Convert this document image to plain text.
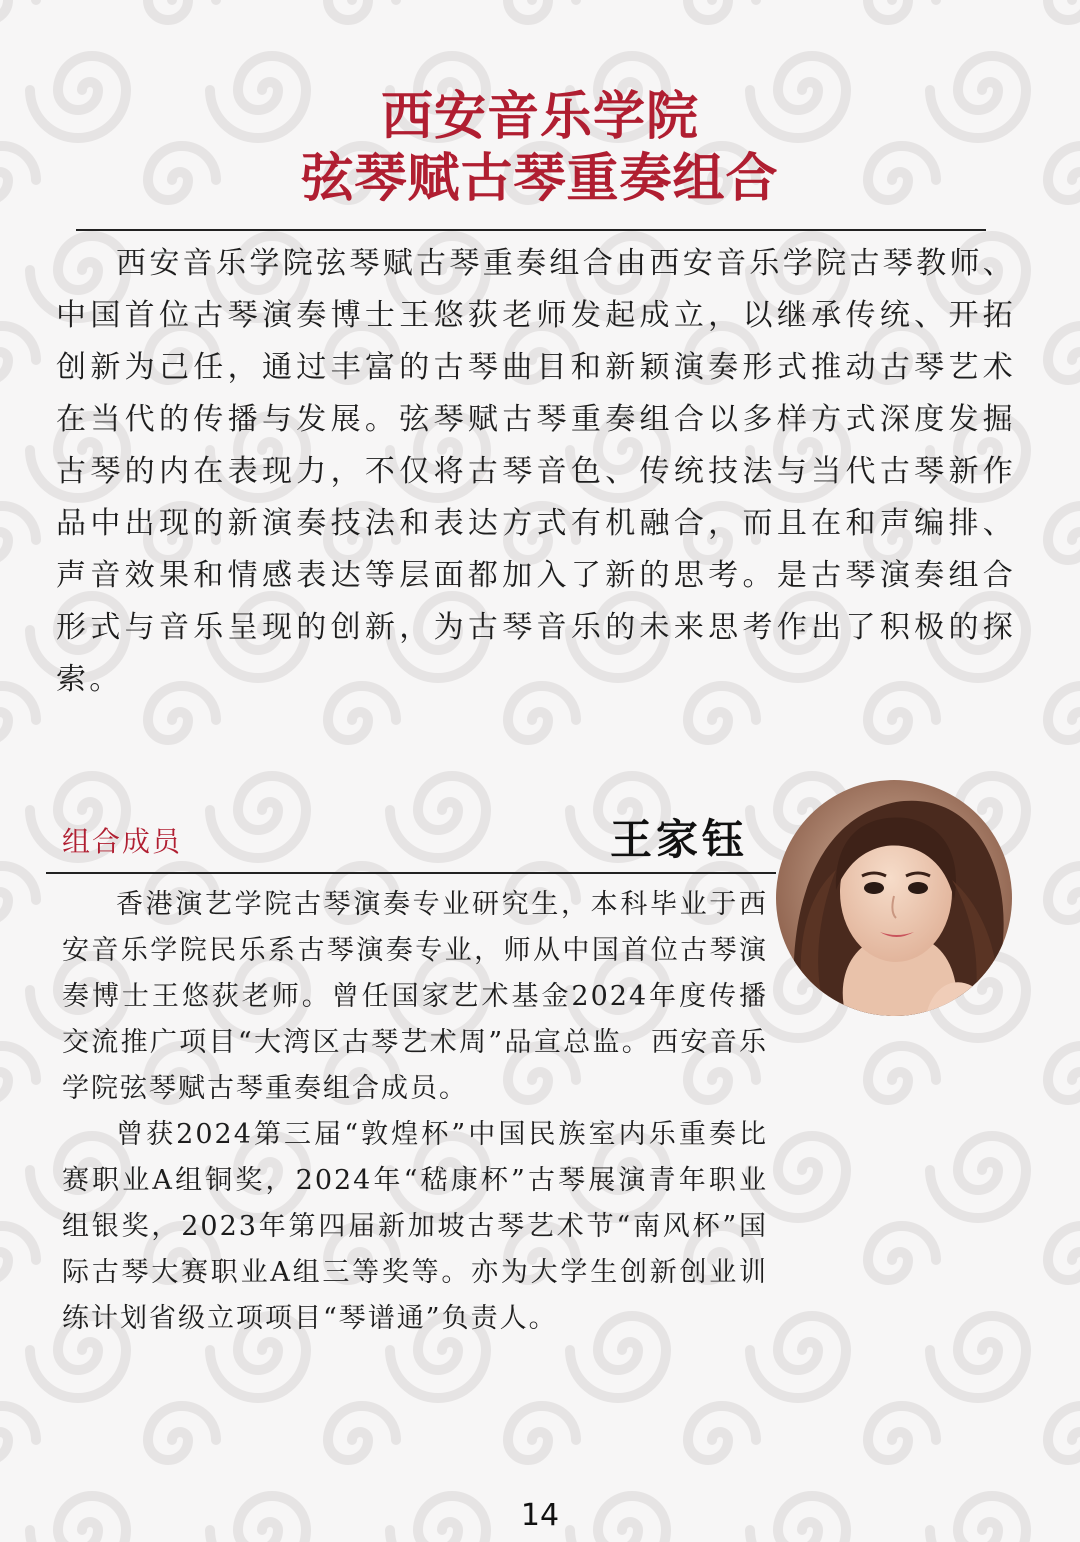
西安音乐学院
弦琴赋古琴重奏组合

西安音乐学院弦琴赋古琴重奏组合由西安音乐学院古琴教师、中国首位古琴演奏博士王悠荻老师发起成立，以继承传统、开拓创新为己任，通过丰富的古琴曲目和新颖演奏形式推动古琴艺术在当代的传播与发展。弦琴赋古琴重奏组合以多样方式深度发掘古琴的内在表现力，不仅将古琴音色、传统技法与当代古琴新作品中出现的新演奏技法和表达方式有机融合，而且在和声编排、声音效果和情感表达等层面都加入了新的思考。是古琴演奏组合形式与音乐呈现的创新，为古琴音乐的未来思考作出了积极的探索。

组合成员	王家钰

香港演艺学院古琴演奏专业研究生，本科毕业于西安音乐学院民乐系古琴演奏专业，师从中国首位古琴演奏博士王悠荻老师。曾任国家艺术基金2024年度传播交流推广项目“大湾区古琴艺术周”品宣总监。西安音乐学院弦琴赋古琴重奏组合成员。

曾获2024第三届“敦煌杯”中国民族室内乐重奏比赛职业A组铜奖，2024年“嵇康杯”古琴展演青年职业组银奖，2023年第四届新加坡古琴艺术节“南风杯”国际古琴大赛职业A组三等奖等。亦为大学生创新创业训练计划省级立项项目“琴谱通”负责人。

14
